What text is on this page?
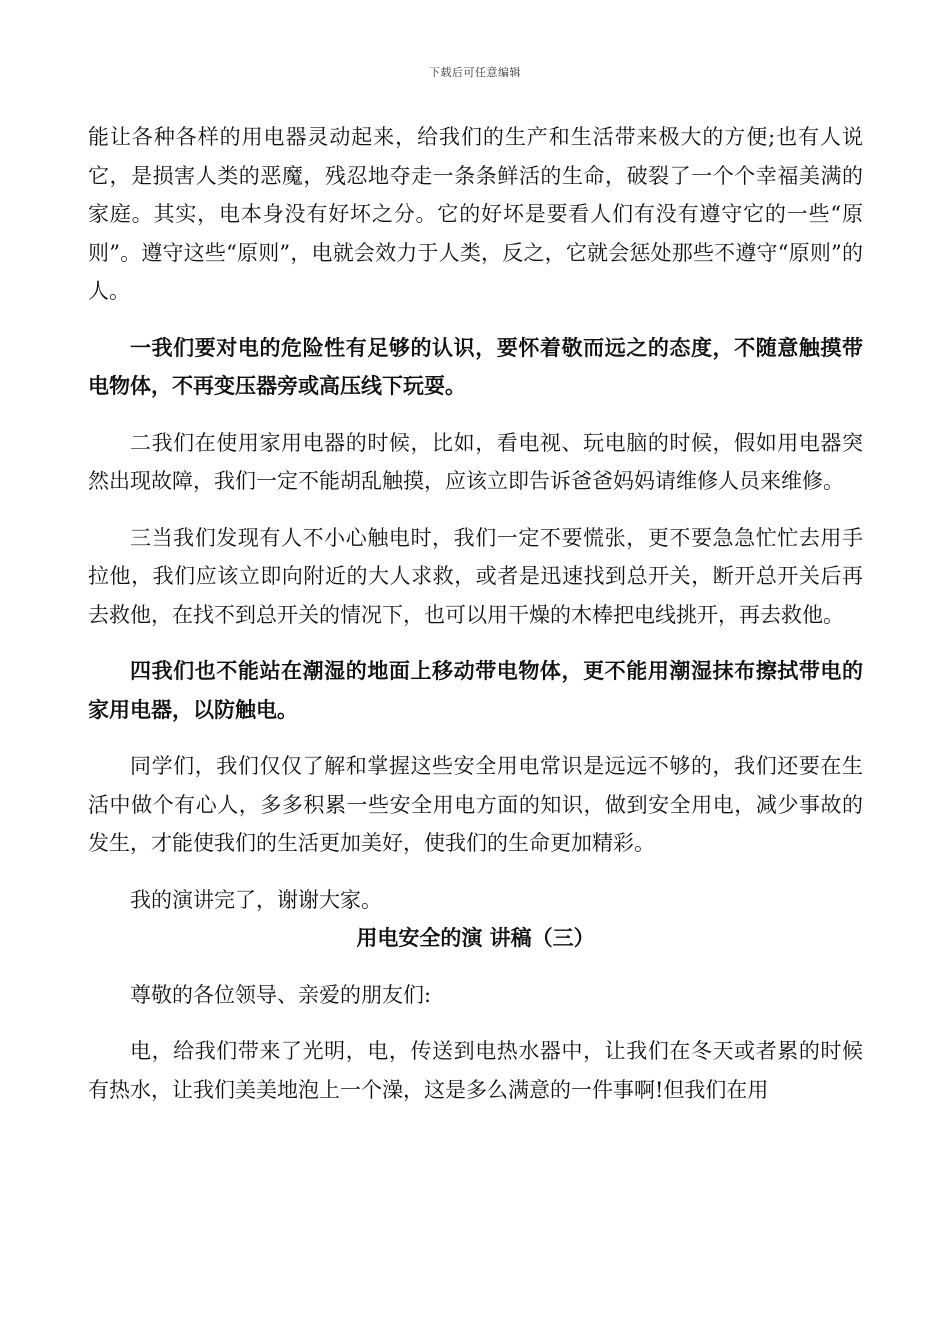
下载后可任意编辑

能让各种各样的用电器灵动起来，给我们的生产和生活带来极大的方便;也有人说它，是损害人类的恶魔，残忍地夺走一条条鲜活的生命，破裂了一个个幸福美满的家庭。其实，电本身没有好坏之分。它的好坏是要看人们有没有遵守它的一些“原则”。遵守这些“原则”，电就会效力于人类，反之，它就会惩处那些不遵守“原则”的人。

一我们要对电的危险性有足够的认识，要怀着敬而远之的态度，不随意触摸带电物体，不再变压器旁或高压线下玩耍。

二我们在使用家用电器的时候，比如，看电视、玩电脑的时候，假如用电器突然出现故障，我们一定不能胡乱触摸，应该立即告诉爸爸妈妈请维修人员来维修。

三当我们发现有人不小心触电时，我们一定不要慌张，更不要急急忙忙去用手拉他，我们应该立即向附近的大人求救，或者是迅速找到总开关，断开总开关后再去救他，在找不到总开关的情况下，也可以用干燥的木棒把电线挑开，再去救他。

四我们也不能站在潮湿的地面上移动带电物体，更不能用潮湿抹布擦拭带电的家用电器，以防触电。

同学们，我们仅仅了解和掌握这些安全用电常识是远远不够的，我们还要在生活中做个有心人，多多积累一些安全用电方面的知识，做到安全用电，减少事故的发生，才能使我们的生活更加美好，使我们的生命更加精彩。

我的演讲完了，谢谢大家。

用电安全的演 讲稿（三）

尊敬的各位领导、亲爱的朋友们:

电，给我们带来了光明，电，传送到电热水器中，让我们在冬天或者累的时候有热水，让我们美美地泡上一个澡，这是多么满意的一件事啊!但我们在用
